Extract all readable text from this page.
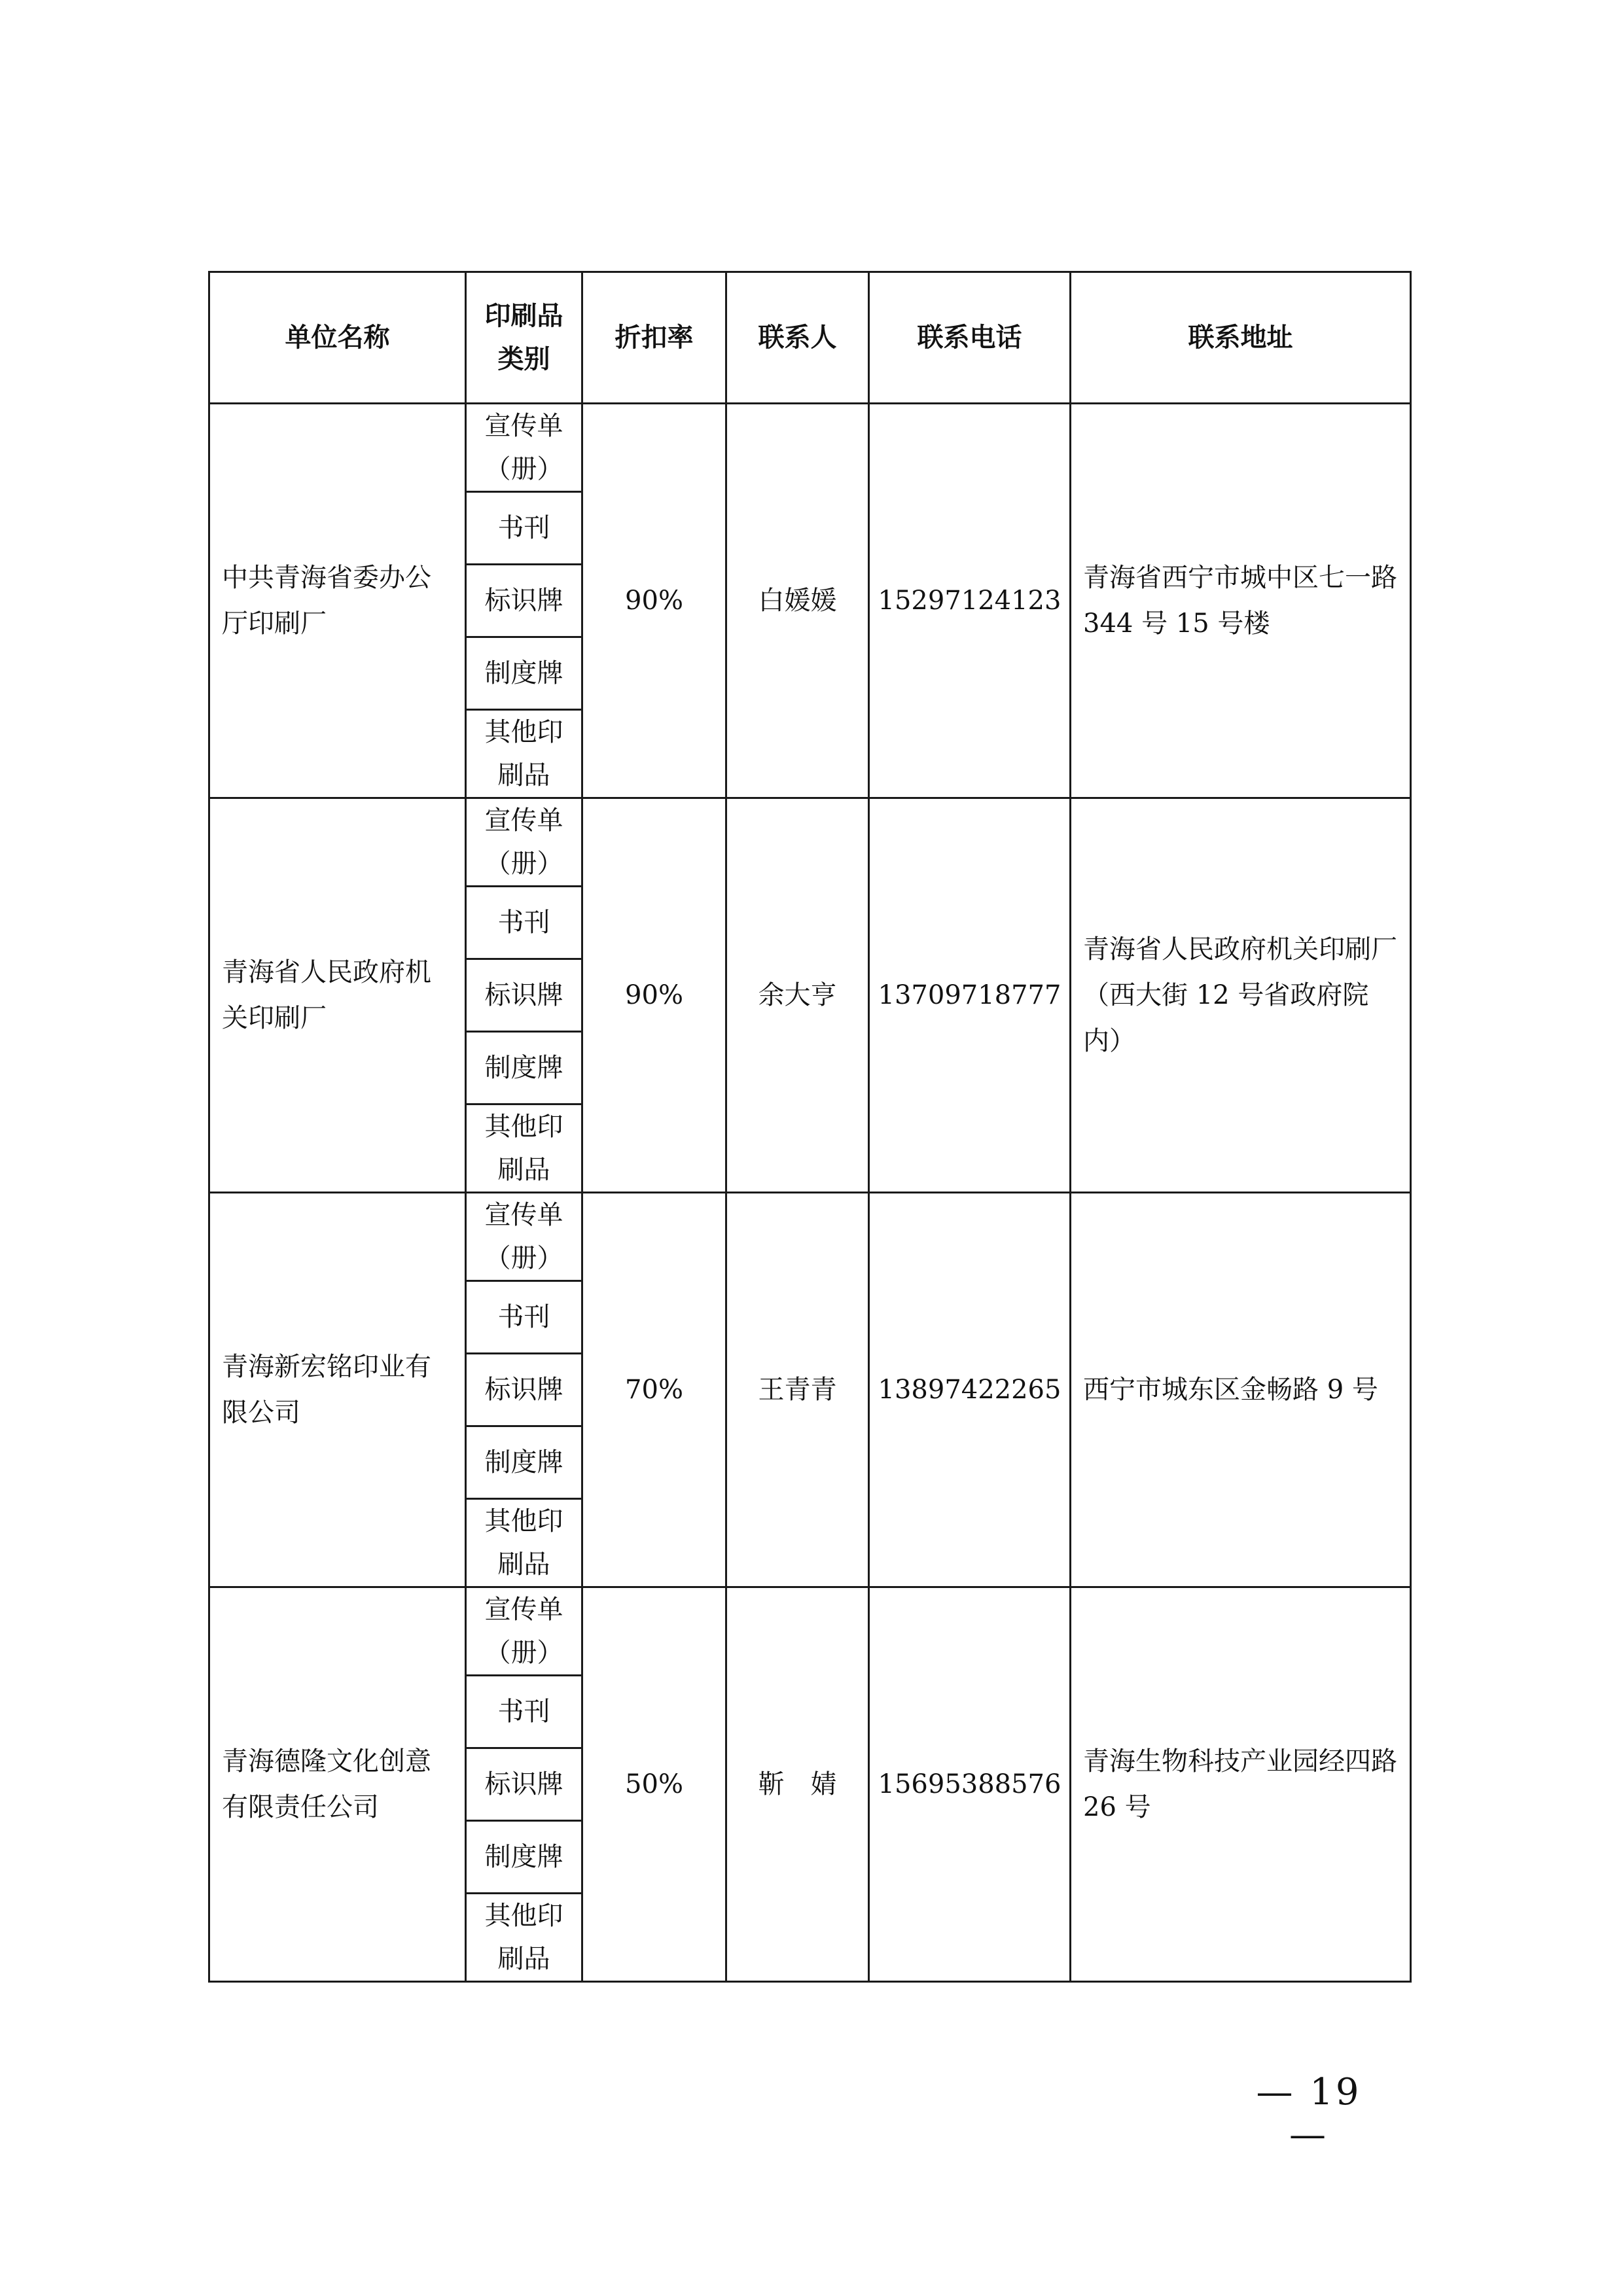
单位名称	印刷品类别	折扣率	联系人	联系电话	联系地址
中共青海省委办公厅印刷厂	宣传单（册）	90%	白媛媛	15297124123	青海省西宁市城中区七一路 344 号 15 号楼
	书刊				
	标识牌				
	制度牌				
	其他印刷品				
青海省人民政府机关印刷厂	宣传单（册）	90%	余大亨	13709718777	青海省人民政府机关印刷厂（西大街 12 号省政府院内）
	书刊				
	标识牌				
	制度牌				
	其他印刷品				
青海新宏铭印业有限公司	宣传单（册）	70%	王青青	13897422265	西宁市城东区金畅路 9 号
	书刊				
	标识牌				
	制度牌				
	其他印刷品				
青海德隆文化创意有限责任公司	宣传单（册）	50%	靳　婧	15695388576	青海生物科技产业园经四路 26 号
	书刊				
	标识牌				
	制度牌				
	其他印刷品				
— 19 —
